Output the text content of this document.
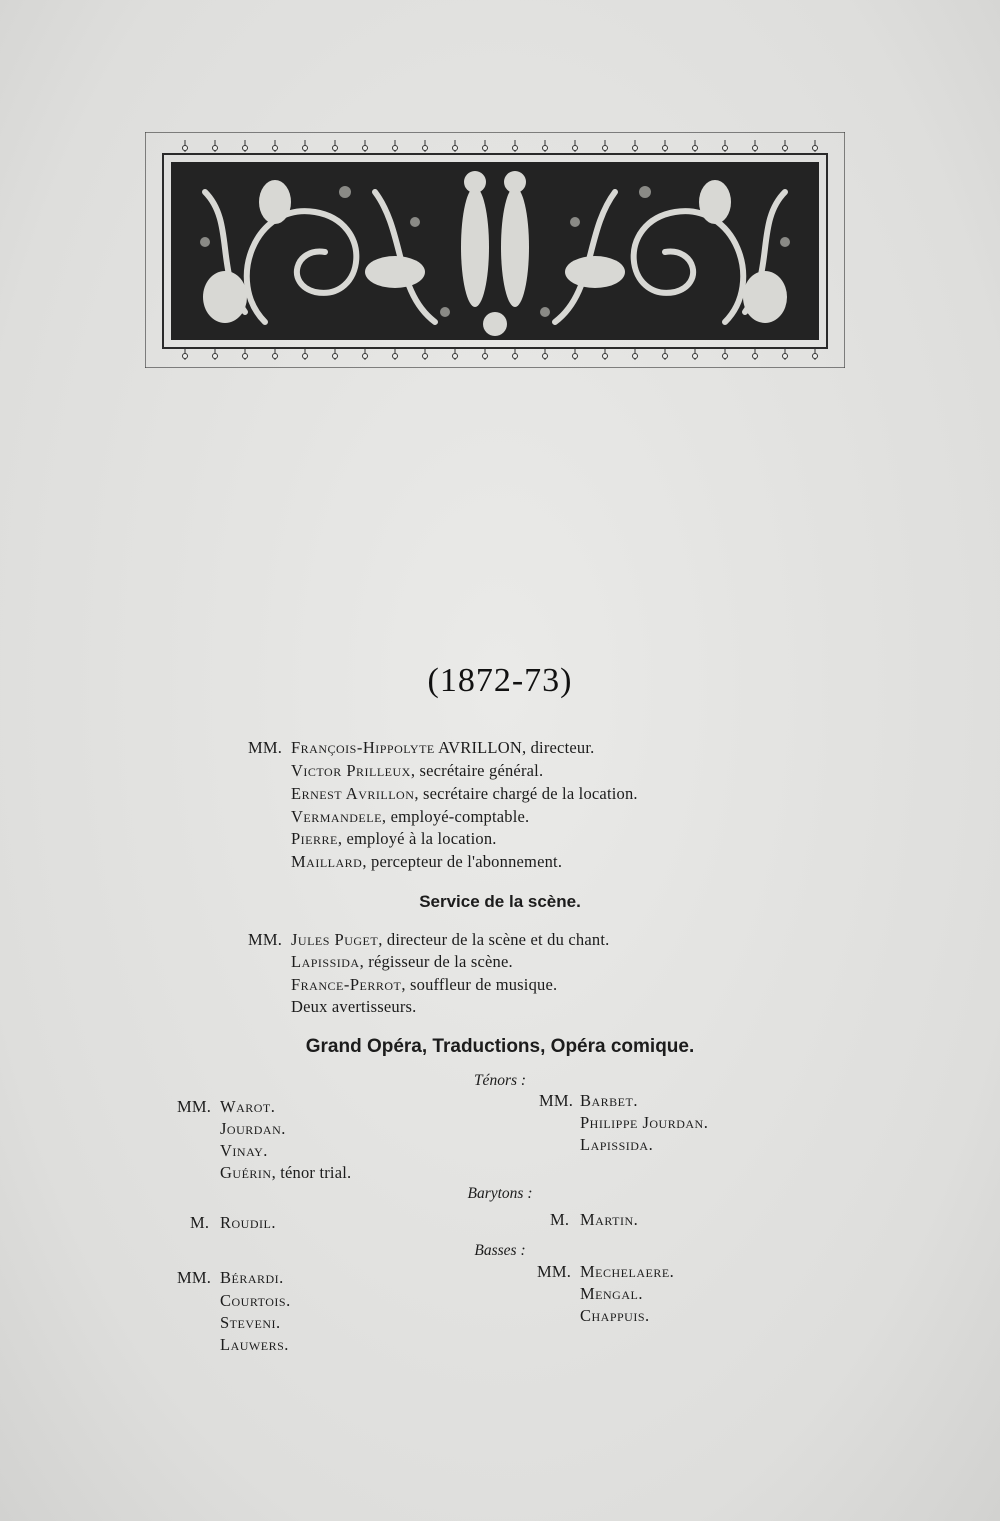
(1872-73)
MM. François-Hippolyte AVRILLON, directeur.
Victor Prilleux, secrétaire général.
Ernest Avrillon, secrétaire chargé de la location.
Vermandele, employé-comptable.
Pierre, employé à la location.
Maillard, percepteur de l'abonnement.
Service de la scène.
MM. Jules Puget, directeur de la scène et du chant.
Lapissida, régisseur de la scène.
France-Perrot, souffleur de musique.
Deux avertisseurs.
Grand Opéra, Traductions, Opéra comique.
Ténors :
MM. Warot.
Jourdan.
Vinay.
Guérin, ténor trial.
MM. Barbet.
Philippe Jourdan.
Lapissida.
Barytons :
M. Roudil.	M. Martin.
Basses :
MM. Bérardi.
Courtois.
Steveni.
Lauwers.
MM. Mechelaere.
Mengal.
Chappuis.
